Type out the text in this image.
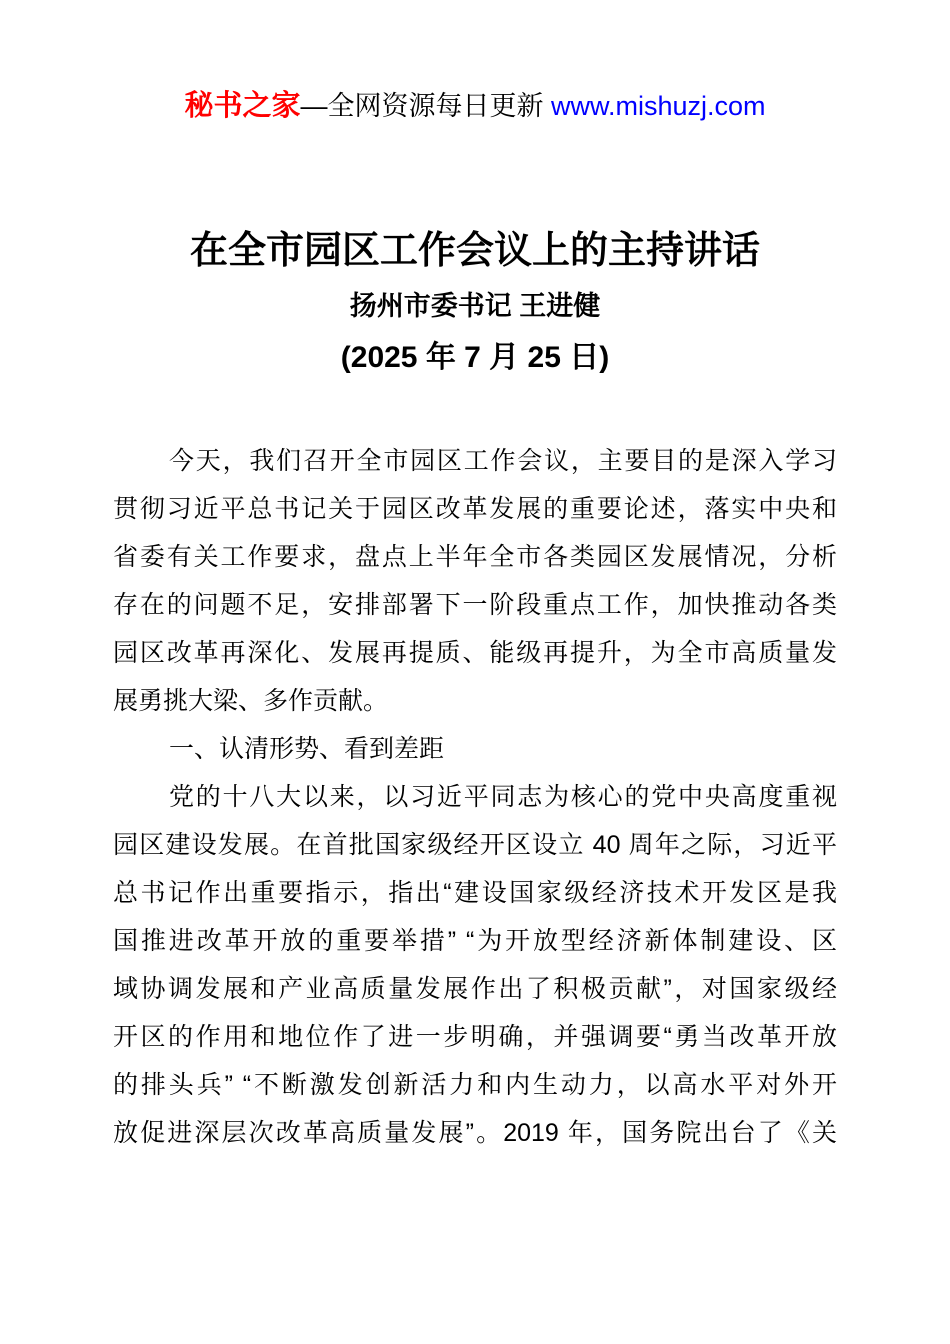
秘书之家—全网资源每日更新 www.mishuzj.com
在全市园区工作会议上的主持讲话
扬州市委书记 王进健
(2025 年 7 月 25 日)
今天，我们召开全市园区工作会议，主要目的是深入学习
贯彻习近平总书记关于园区改革发展的重要论述，落实中央和
省委有关工作要求，盘点上半年全市各类园区发展情况，分析
存在的问题不足，安排部署下一阶段重点工作，加快推动各类
园区改革再深化、发展再提质、能级再提升，为全市高质量发
展勇挑大梁、多作贡献。
一、认清形势、看到差距
党的十八大以来，以习近平同志为核心的党中央高度重视
园区建设发展。在首批国家级经开区设立 40 周年之际，习近平
总书记作出重要指示，指出“建设国家级经济技术开发区是我
国推进改革开放的重要举措” “为开放型经济新体制建设、区
域协调发展和产业高质量发展作出了积极贡献”，对国家级经
开区的作用和地位作了进一步明确，并强调要“勇当改革开放
的排头兵” “不断激发创新活力和内生动力，以高水平对外开
放促进深层次改革高质量发展”。2019 年，国务院出台了《关
